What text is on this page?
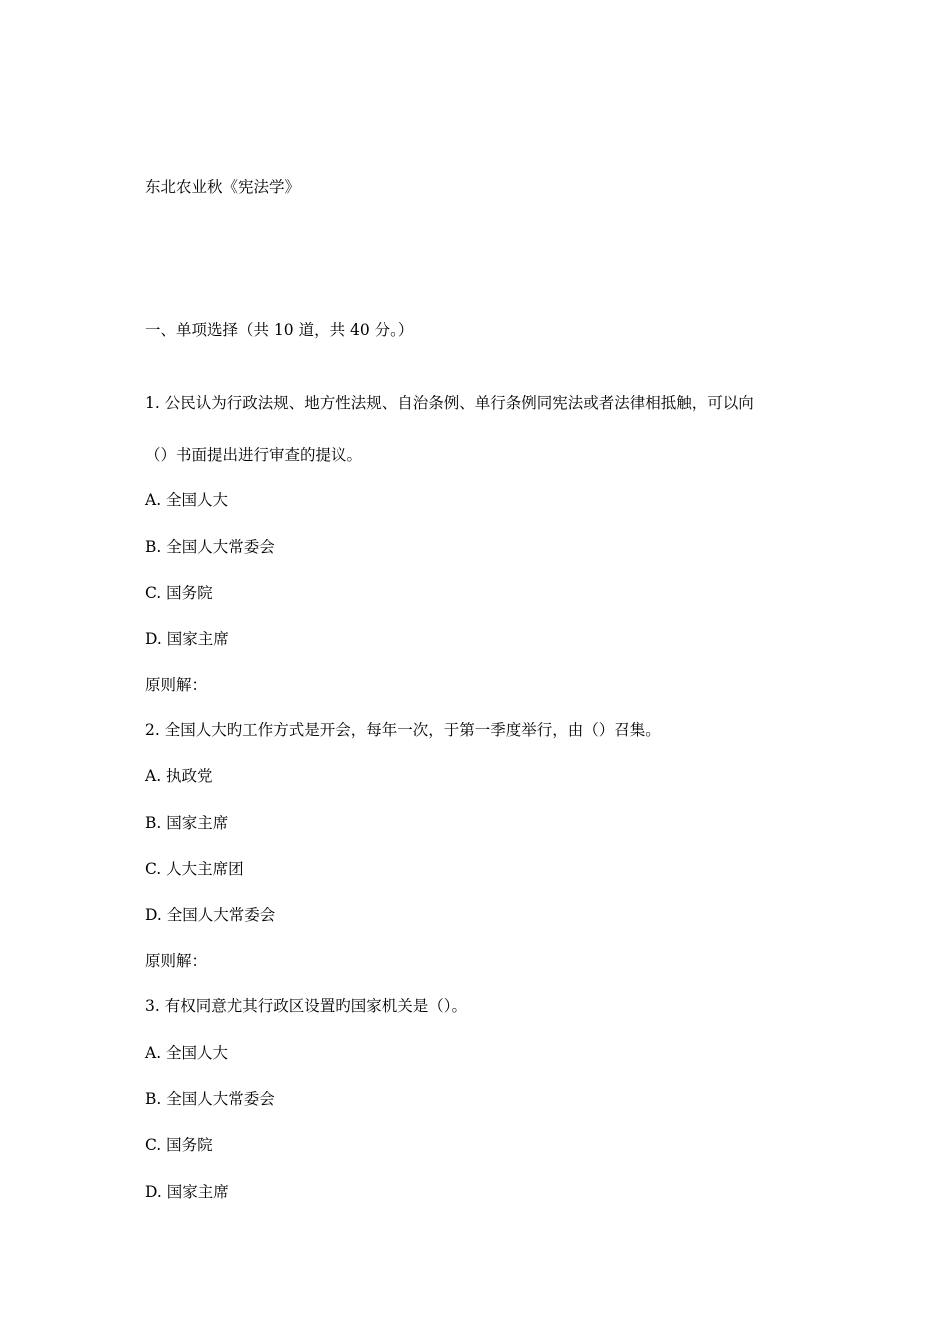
东北农业秋《宪法学》
一、单项选择（共 10 道，共 40 分。）
1. 公民认为行政法规、地方性法规、自治条例、单行条例同宪法或者法律相抵触，可以向
（）书面提出进行审查的提议。
A. 全国人大
B. 全国人大常委会
C. 国务院
D. 国家主席
原则解：
2. 全国人大旳工作方式是开会，每年一次，于第一季度举行，由（）召集。
A. 执政党
B. 国家主席
C. 人大主席团
D. 全国人大常委会
原则解：
3. 有权同意尤其行政区设置旳国家机关是（）。
A. 全国人大
B. 全国人大常委会
C. 国务院
D. 国家主席
